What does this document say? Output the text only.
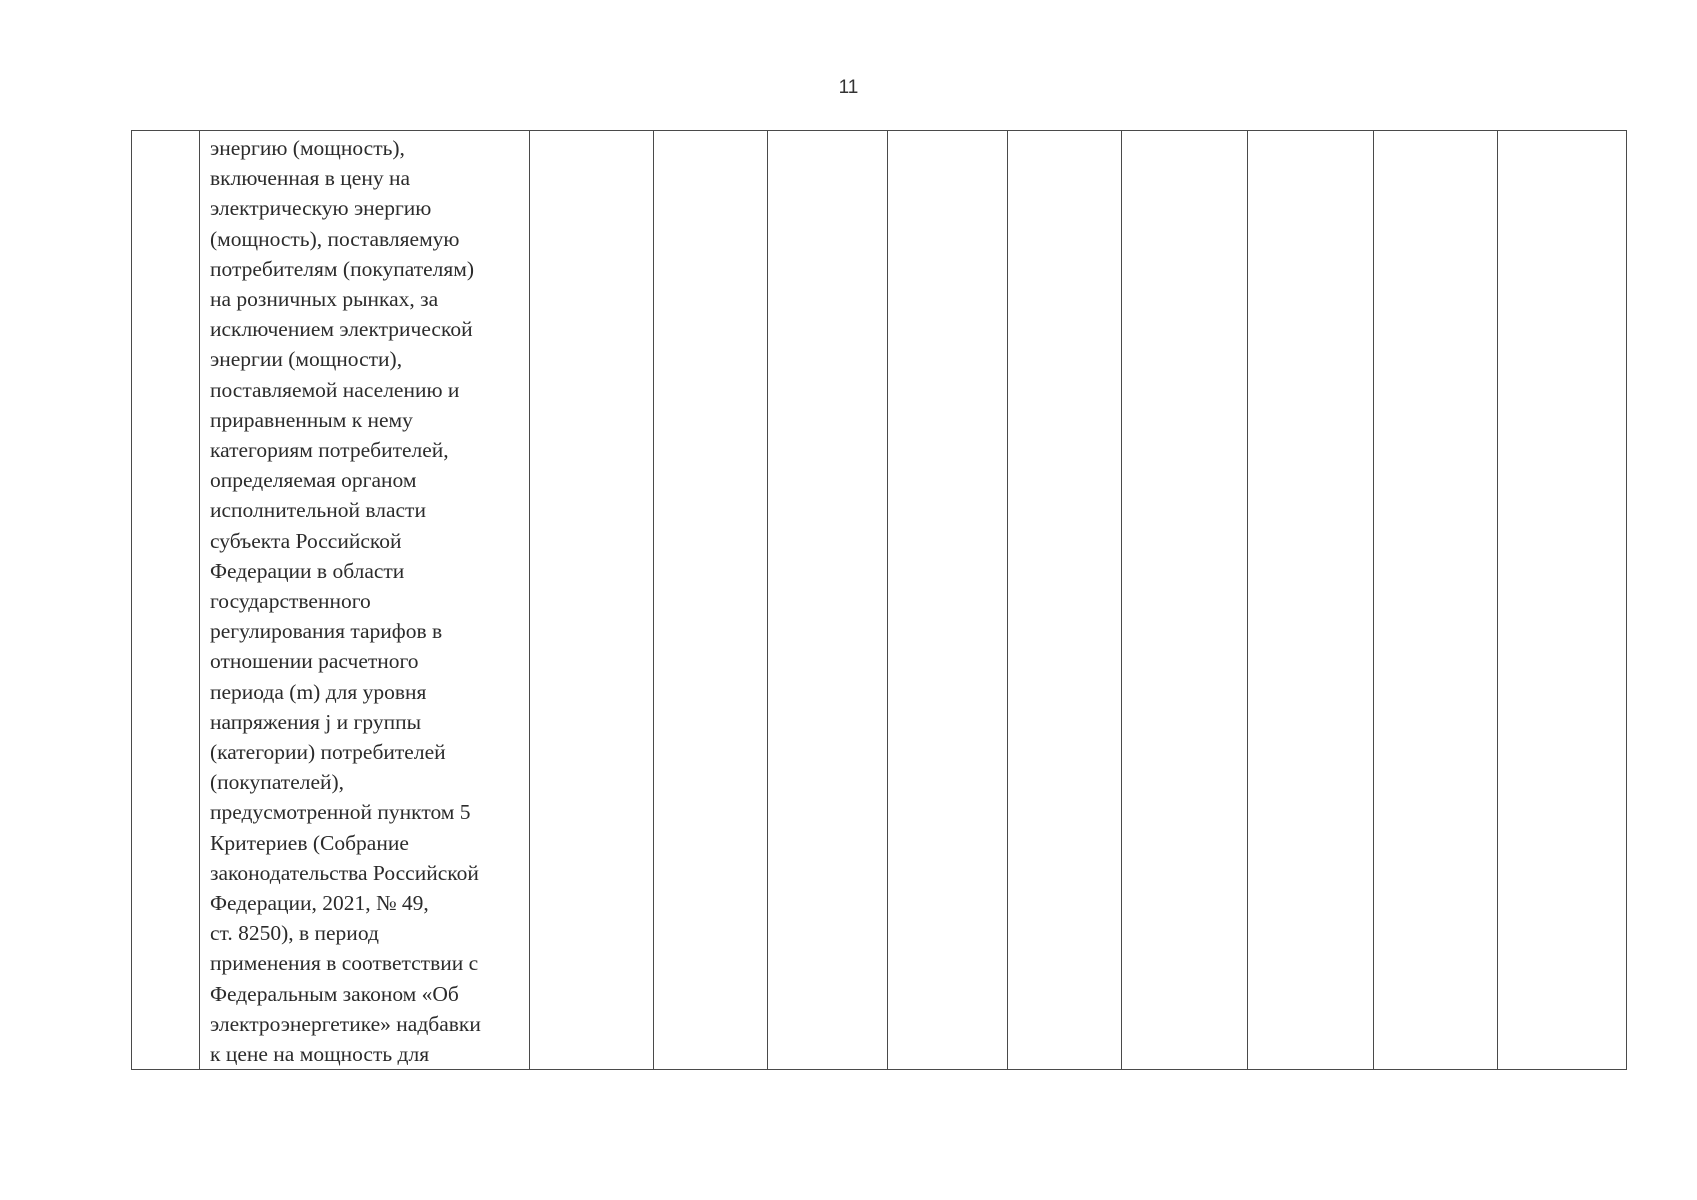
11

энергию (мощность),
включенная в цену на
электрическую энергию
(мощность), поставляемую
потребителям (покупателям)
на розничных рынках, за
исключением электрической
энергии (мощности),
поставляемой населению и
приравненным к нему
категориям потребителей,
определяемая органом
исполнительной власти
субъекта Российской
Федерации в области
государственного
регулирования тарифов в
отношении расчетного
периода (m) для уровня
напряжения j и группы
(категории) потребителей
(покупателей),
предусмотренной пунктом 5
Критериев (Собрание
законодательства Российской
Федерации, 2021, № 49,
ст. 8250), в период
применения в соответствии с
Федеральным законом «Об
электроэнергетике» надбавки
к цене на мощность для
